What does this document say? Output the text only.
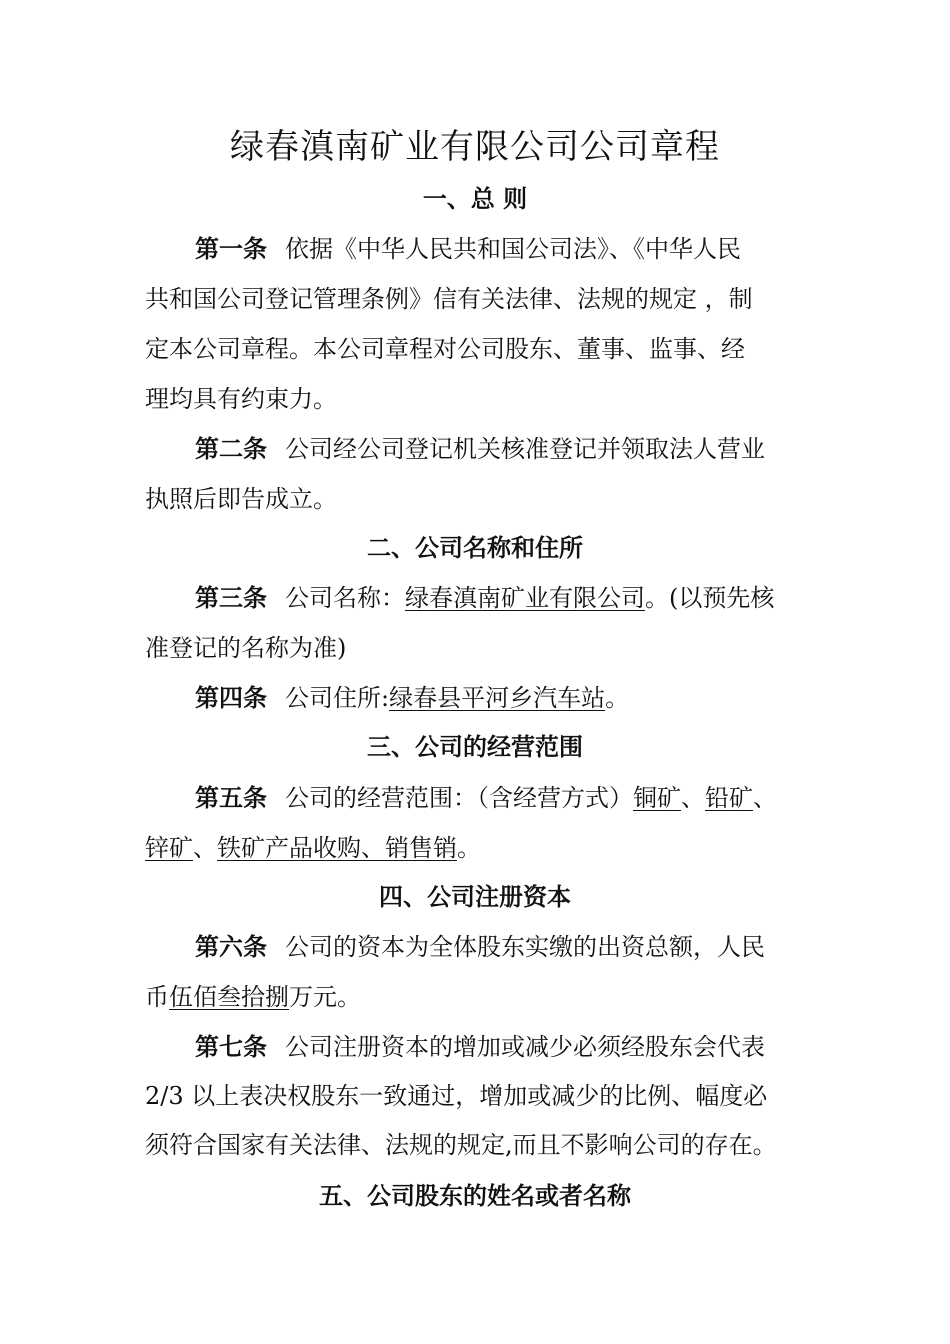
绿春滇南矿业有限公司公司章程
一、总 则
第一条 依据《中华人民共和国公司法》、《中华人民
共和国公司登记管理条例》信有关法律、法规的规定 ，制
定本公司章程。本公司章程对公司股东、董事、监事、经
理均具有约束力。
第二条 公司经公司登记机关核准登记并领取法人营业
执照后即告成立。
二、公司名称和住所
第三条 公司名称：绿春滇南矿业有限公司。(以预先核
准登记的名称为准)
第四条 公司住所:绿春县平河乡汽车站。
三、公司的经营范围
第五条 公司的经营范围：（含经营方式）铜矿、铅矿、
锌矿、铁矿产品收购、销售销。
四、公司注册资本
第六条 公司的资本为全体股东实缴的出资总额，人民
币伍佰叁拾捌万元。
第七条 公司注册资本的增加或减少必须经股东会代表
2/3 以上表决权股东一致通过，增加或减少的比例、幅度必
须符合国家有关法律、法规的规定,而且不影响公司的存在。
五、公司股东的姓名或者名称
